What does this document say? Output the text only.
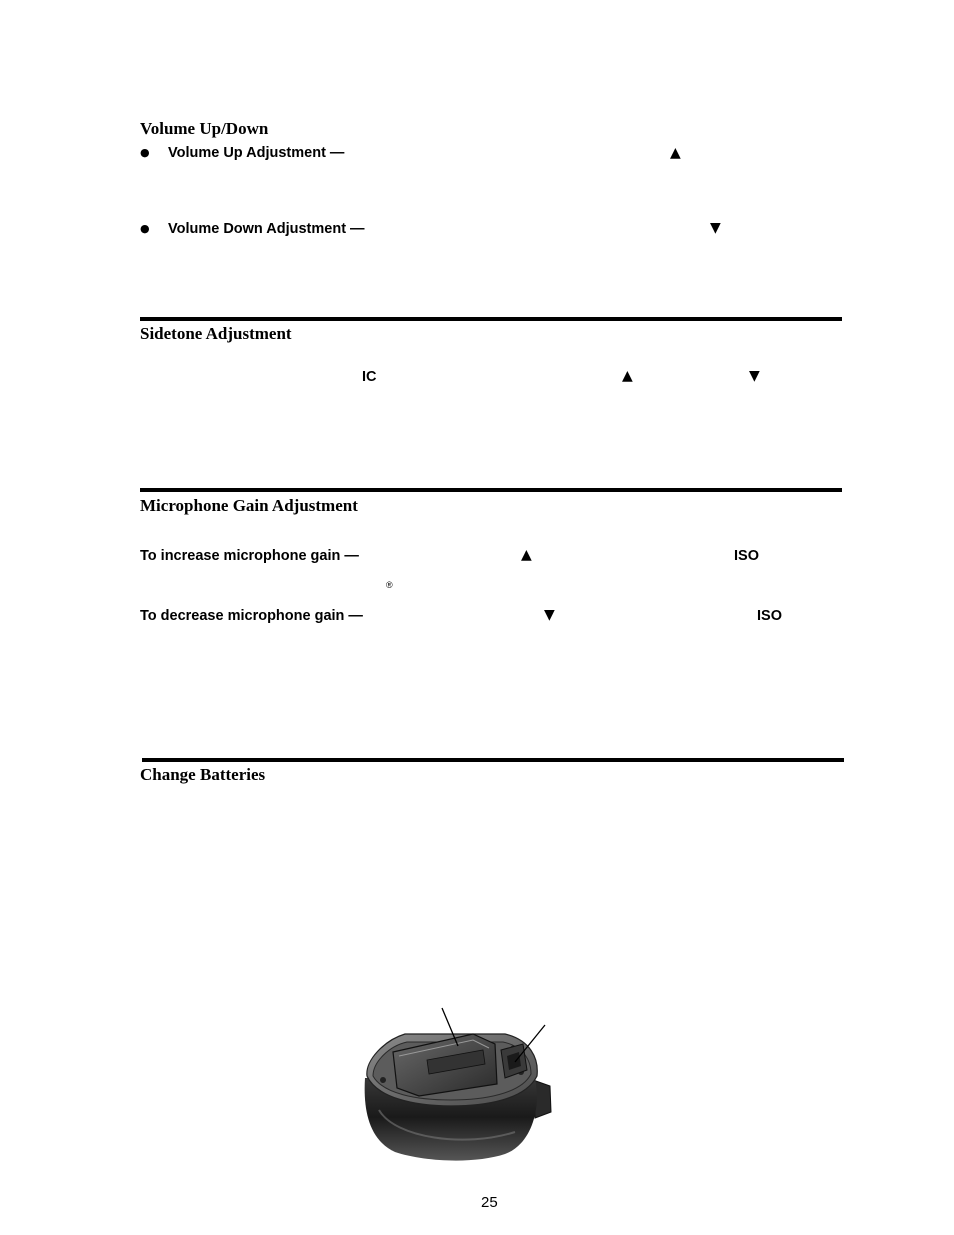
Volume Up/Down
● Volume Up Adjustment —	▲
● Volume Down Adjustment —	▼
Sidetone Adjustment
IC	▲	▼
Microphone Gain Adjustment
To increase microphone gain —	▲	ISO
®
To decrease microphone gain —	▼	ISO
Change Batteries
25
